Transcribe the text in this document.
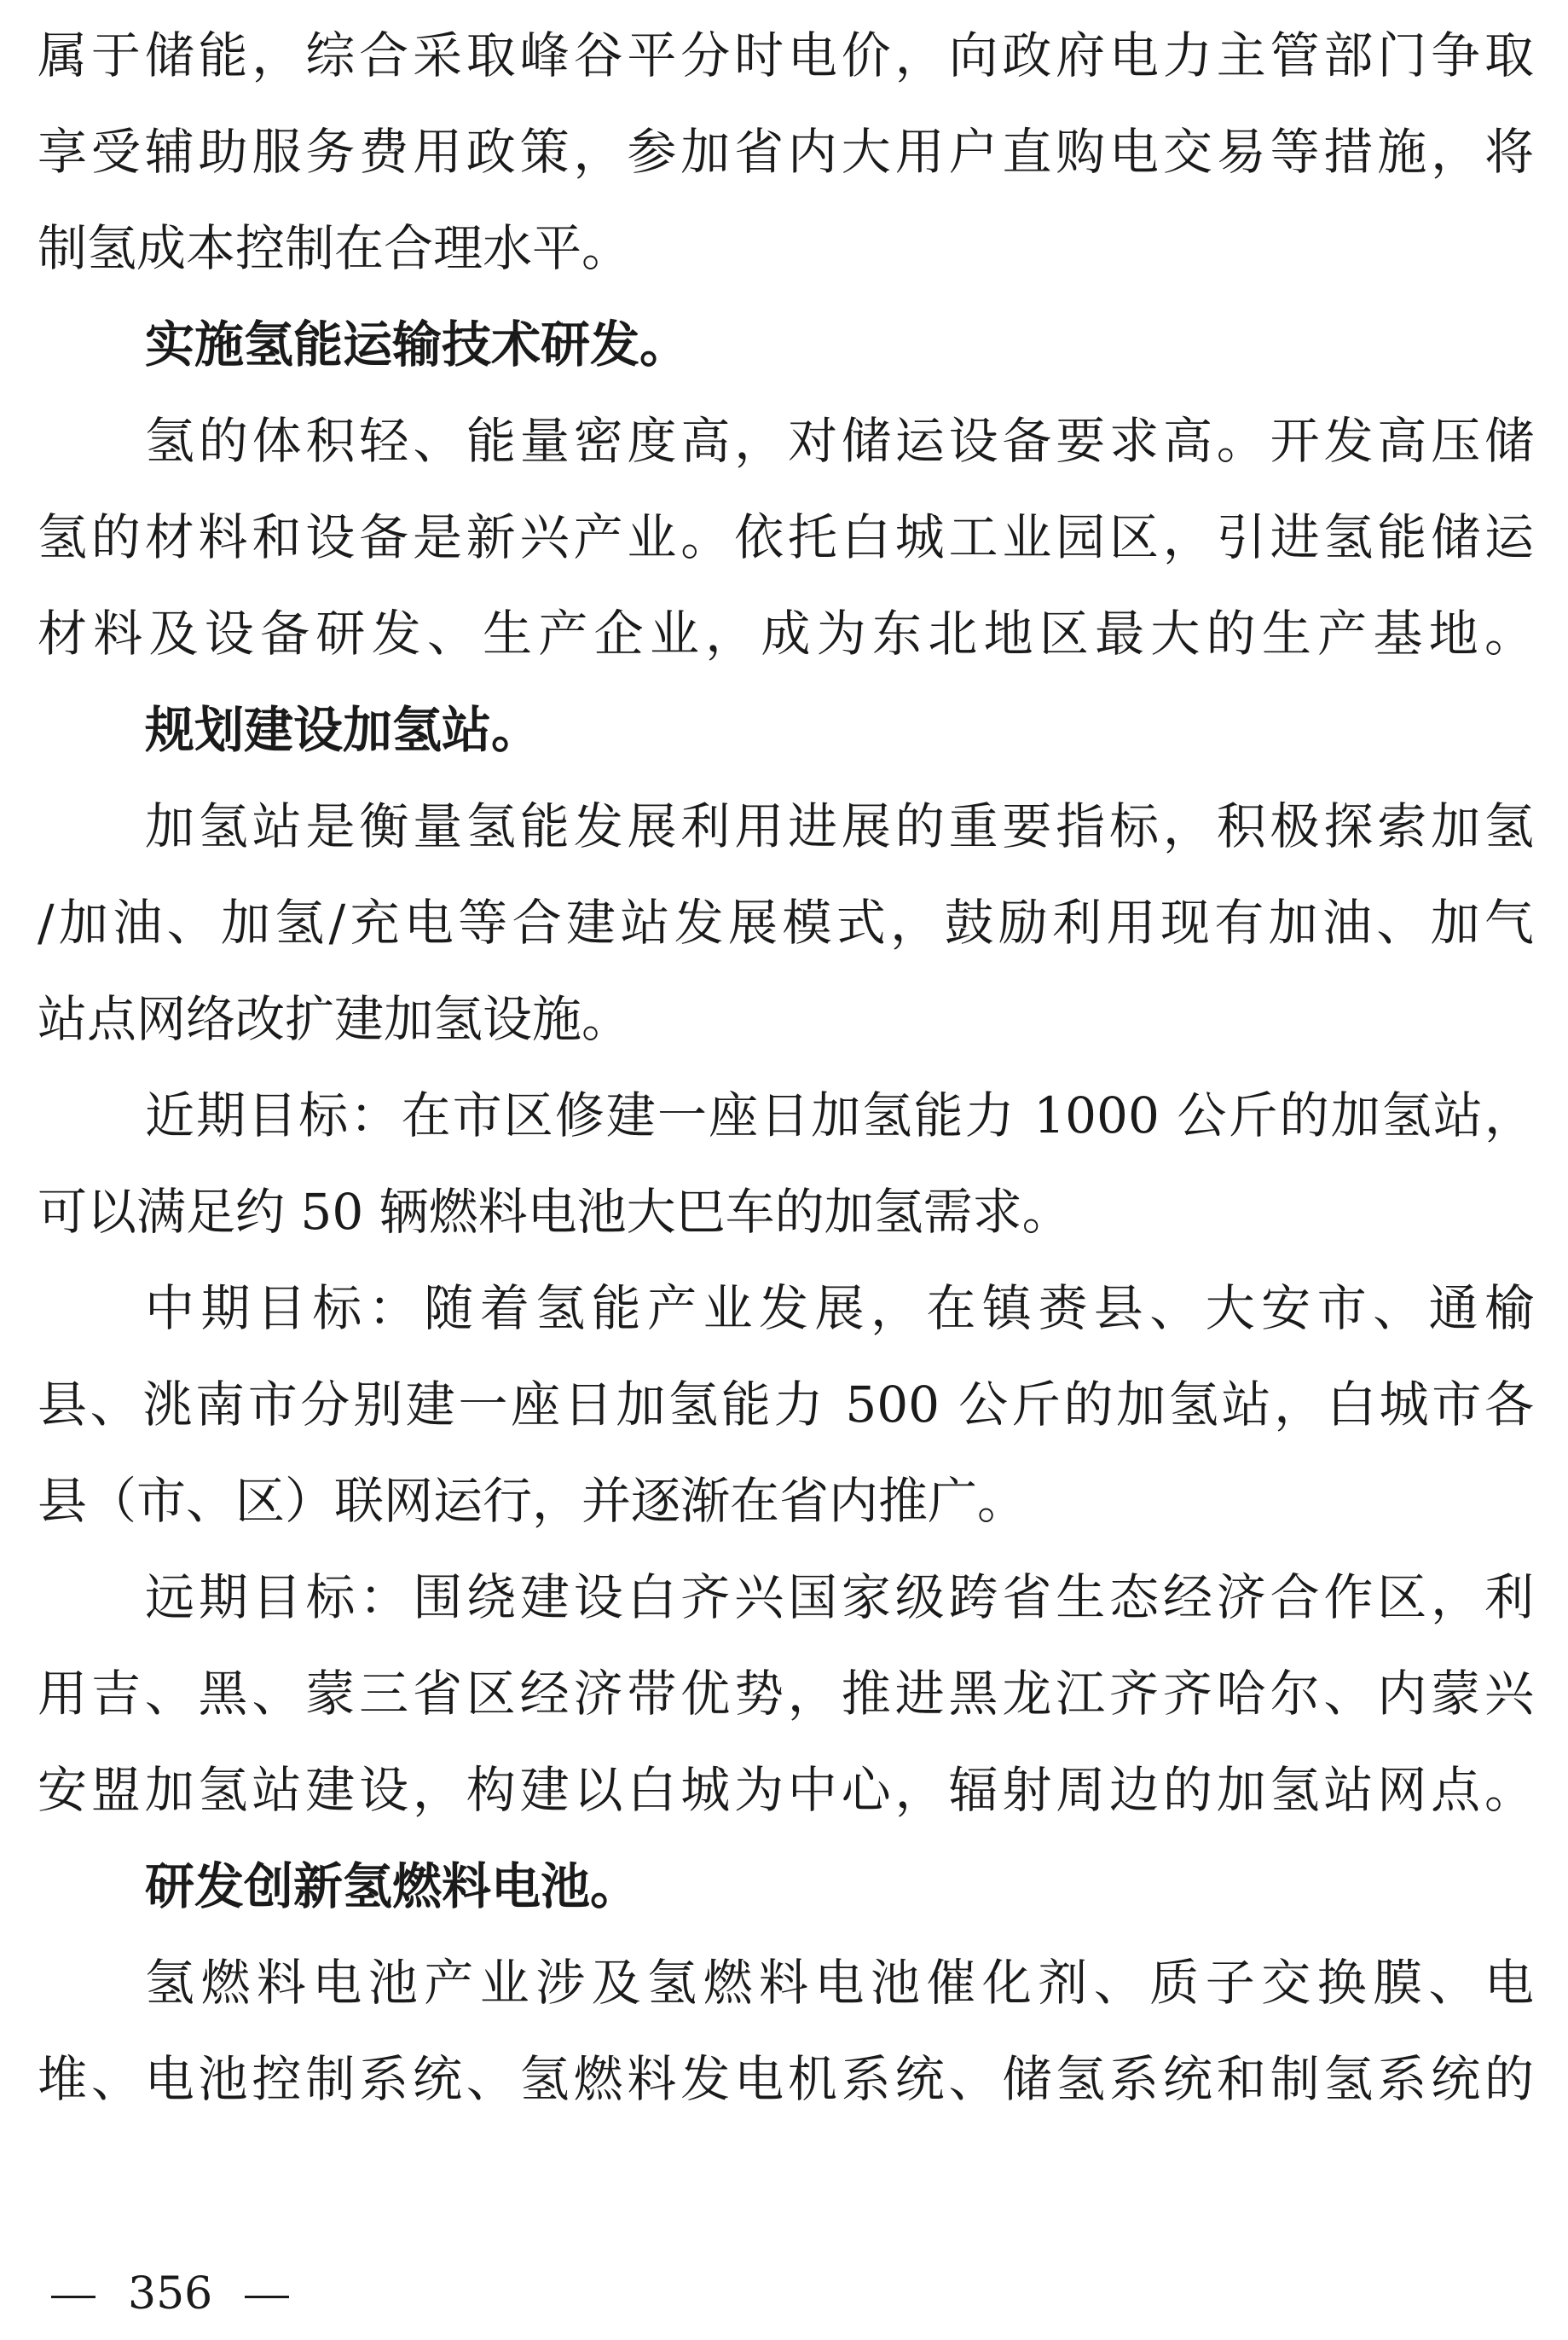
属于储能，综合采取峰谷平分时电价，向政府电力主管部门争取
享受辅助服务费用政策，参加省内大用户直购电交易等措施，将
制氢成本控制在合理水平。
实施氢能运输技术研发。
氢的体积轻、能量密度高，对储运设备要求高。开发高压储
氢的材料和设备是新兴产业。依托白城工业园区，引进氢能储运
材料及设备研发、生产企业，成为东北地区最大的生产基地。
规划建设加氢站。
加氢站是衡量氢能发展利用进展的重要指标，积极探索加氢
/加油、加氢/充电等合建站发展模式，鼓励利用现有加油、加气
站点网络改扩建加氢设施。
近期目标：在市区修建一座日加氢能力 1000 公斤的加氢站，
可以满足约 50 辆燃料电池大巴车的加氢需求。
中期目标：随着氢能产业发展，在镇赉县、大安市、通榆
县、洮南市分别建一座日加氢能力 500 公斤的加氢站，白城市各
县（市、区）联网运行，并逐渐在省内推广。
远期目标：围绕建设白齐兴国家级跨省生态经济合作区，利
用吉、黑、蒙三省区经济带优势，推进黑龙江齐齐哈尔、内蒙兴
安盟加氢站建设，构建以白城为中心，辐射周边的加氢站网点。
研发创新氢燃料电池。
氢燃料电池产业涉及氢燃料电池催化剂、质子交换膜、电
堆、电池控制系统、氢燃料发电机系统、储氢系统和制氢系统的
356
